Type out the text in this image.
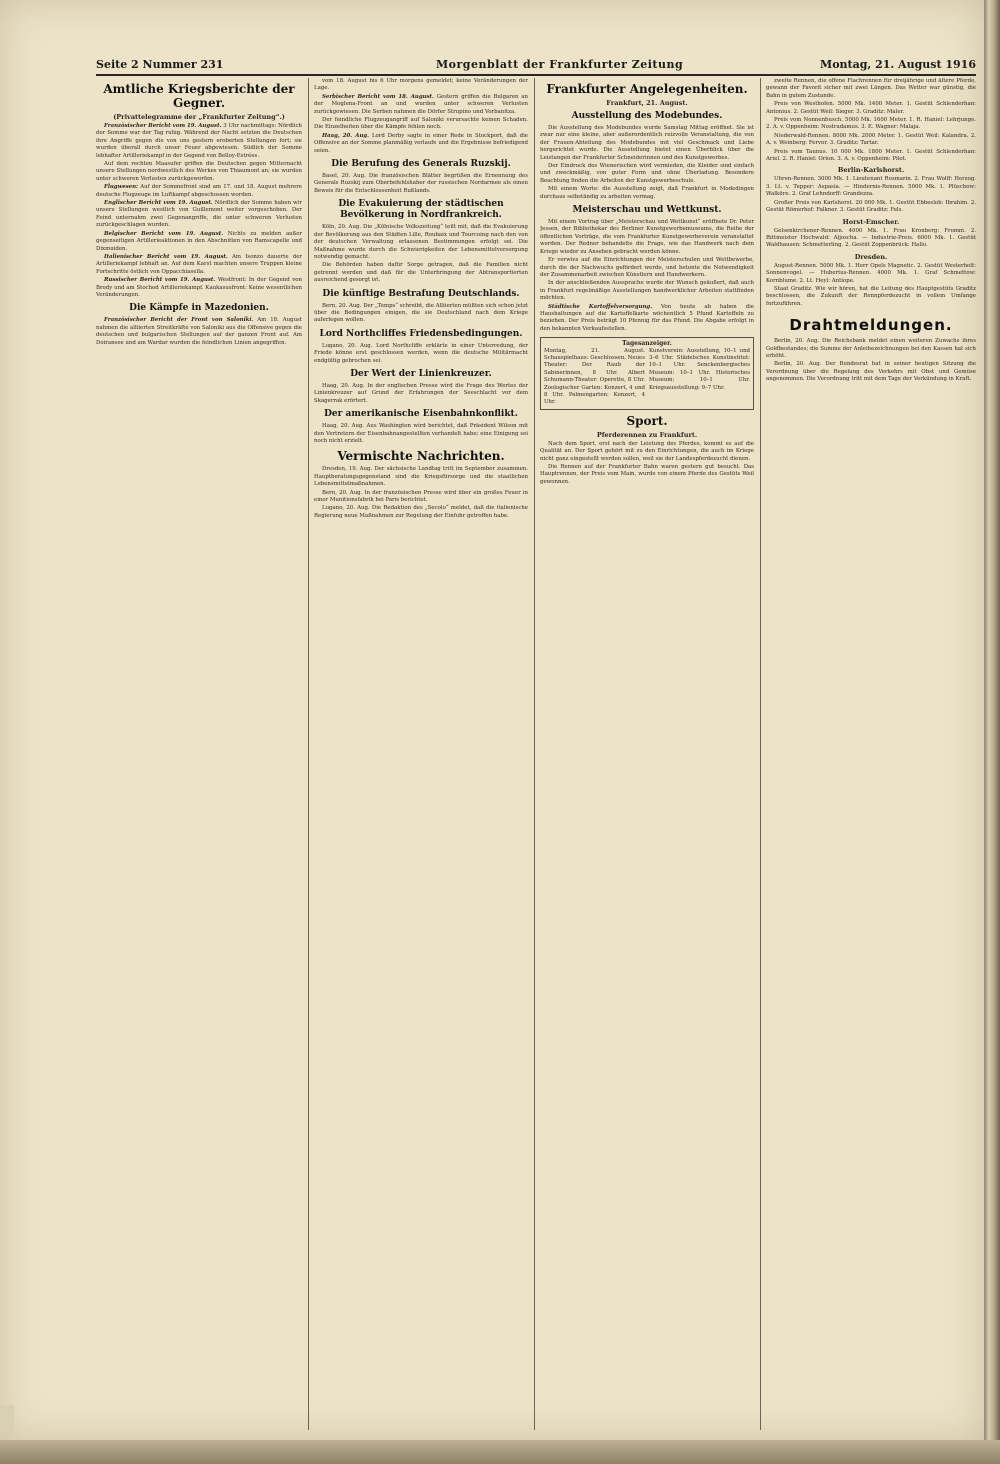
Seite 2 Nummer 231	Morgenblatt der Frankfurter Zeitung	Montag, 21. August 1916
Amtliche Kriegsberichte der Gegner.
(Privattelegramme der „Frankfurter Zeitung“.)

Französischer Bericht vom 19. August. 3 Uhr nachmittags: Nördlich der Somme war der Tag ruhig. Während der Nacht setzten die Deutschen ihre Angriffe gegen die von uns gestern eroberten Stellungen fort; sie wurden überall durch unser Feuer abgewiesen. Südlich der Somme lebhafter Artilleriekampf in der Gegend von Belloy-Estrées.

Auf dem rechten Maasufer griffen die Deutschen gegen Mitternacht unsere Stellungen nordwestlich des Werkes von Thiaumont an; sie wurden unter schweren Verlusten zurückgeworfen.

Flugwesen: Auf der Sommefront sind am 17. und 18. August mehrere deutsche Flugzeuge im Luftkampf abgeschossen worden.

Englischer Bericht vom 19. August. Nördlich der Somme haben wir unsere Stellungen westlich von Guillemont weiter vorgeschoben. Der Feind unternahm zwei Gegenangriffe, die unter schweren Verlusten zurückgeschlagen wurden.

Belgischer Bericht vom 19. August. Nichts zu melden außer gegenseitigen Artillerieaktionen in den Abschnitten von Ramscapelle und Dixmuiden.

Italienischer Bericht vom 19. August. Am Isonzo dauerte der Artilleriekampf lebhaft an. Auf dem Karst machten unsere Truppen kleine Fortschritte östlich von Oppacchiasella.

Russischer Bericht vom 19. August. Westfront: In der Gegend von Brody und am Stochod Artilleriekampf. Kaukasusfront: Keine wesentlichen Veränderungen.

Die Kämpfe in Mazedonien.

Französischer Bericht der Front von Saloniki. Am 18. August nahmen die alliierten Streitkräfte von Saloniki aus die Offensive gegen die deutschen und bulgarischen Stellungen auf der ganzen Front auf. Am Doiransee und am Wardar wurden die feindlichen Linien angegriffen.

vom 18. August bis 6 Uhr morgens gemeldet; keine Veränderungen der Lage.

Serbischer Bericht vom 18. August. Gestern griffen die Bulgaren an der Moglena-Front an und wurden unter schweren Verlusten zurückgewiesen. Die Serben nahmen die Dörfer Strupino und Vorbanitza.

Der feindliche Flugzeugangriff auf Saloniki verursachte keinen Schaden. Die Einzelheiten über die Kämpfe fehlen noch.

Haag, 20. Aug. Lord Derby sagte in einer Rede in Stockport, daß die Offensive an der Somme planmäßig verlaufe und die Ergebnisse befriedigend seien.

Die Berufung des Generals Ruzskij.

Basel, 20. Aug. Die französischen Blätter begrüßen die Ernennung des Generals Ruzskij zum Oberbefehlshaber der russischen Nordarmee als einen Beweis für die Entschlossenheit Rußlands.

Die Evakuierung der städtischen Bevölkerung in Nordfrankreich.

Köln, 20. Aug. Die „Kölnische Volkszeitung“ teilt mit, daß die Evakuierung der Bevölkerung aus den Städten Lille, Roubaix und Tourcoing nach den von der deutschen Verwaltung erlassenen Bestimmungen erfolgt sei. Die Maßnahme wurde durch die Schwierigkeiten der Lebensmittelversorgung notwendig gemacht.

Die Behörden haben dafür Sorge getragen, daß die Familien nicht getrennt werden und daß für die Unterbringung der Abtransportierten ausreichend gesorgt ist.

Die künftige Bestrafung Deutschlands.

Bern, 20. Aug. Der „Temps“ schreibt, die Alliierten müßten sich schon jetzt über die Bedingungen einigen, die sie Deutschland nach dem Kriege auferlegen wollen.

Lord Northcliffes Friedensbedingungen.

Lugano, 20. Aug. Lord Northcliffe erklärte in einer Unterredung, der Friede könne erst geschlossen werden, wenn die deutsche Militärmacht endgültig gebrochen sei.

Der Wert der Linienkreuzer.

Haag, 20. Aug. In der englischen Presse wird die Frage des Wertes der Linienkreuzer auf Grund der Erfahrungen der Seeschlacht vor dem Skagerrak erörtert.

Der amerikanische Eisenbahnkonflikt.

Haag, 20. Aug. Aus Washington wird berichtet, daß Präsident Wilson mit den Vertretern der Eisenbahnangestellten verhandelt habe; eine Einigung sei noch nicht erzielt.

Vermischte Nachrichten.

Dresden, 19. Aug. Der sächsische Landtag tritt im September zusammen. Hauptberatungsgegenstand sind die Kriegsfürsorge und die staatlichen Lebensmittelmaßnahmen.

Bern, 20. Aug. In der französischen Presse wird über ein großes Feuer in einer Munitionsfabrik bei Paris berichtet.

Lugano, 20. Aug. Die Redaktion des „Secolo“ meldet, daß die italienische Regierung neue Maßnahmen zur Regelung der Einfuhr getroffen habe.

Frankfurter Angelegenheiten.
Frankfurt, 21. August.
Ausstellung des Modebundes.

Die Ausstellung des Modebundes wurde Samstag Mittag eröffnet. Sie ist zwar nur eine kleine, aber außerordentlich reizvolle Veranstaltung, die von der Frauen-Abteilung des Modebundes mit viel Geschmack und Liebe hergerichtet wurde. Die Ausstellung bietet einen Überblick über die Leistungen der Frankfurter Schneiderinnen und des Kunstgewerbes.

Der Eindruck des Wienerischen wird vermieden, die Kleider sind einfach und zweckmäßig, von guter Form und ohne Überladung. Besondere Beachtung finden die Arbeiten der Kunstgewerbeschule.

Mit einem Worte: die Ausstellung zeigt, daß Frankfurt in Modedingen durchaus selbständig zu arbeiten vermag.

Meisterschau und Wettkunst.

Mit einem Vortrag über „Meisterschau und Wettkunst“ eröffnete Dr. Peter Jessen, der Bibliothekar des Berliner Kunstgewerbemuseums, die Reihe der öffentlichen Vorträge, die vom Frankfurter Kunstgewerbeverein veranstaltet werden. Der Redner behandelte die Frage, wie das Handwerk nach dem Kriege wieder zu Ansehen gebracht werden könne.

Er verwies auf die Einrichtungen der Meisterschulen und Wettbewerbe, durch die der Nachwuchs gefördert werde, und betonte die Notwendigkeit der Zusammenarbeit zwischen Künstlern und Handwerkern.

In der anschließenden Aussprache wurde der Wunsch geäußert, daß auch in Frankfurt regelmäßige Ausstellungen handwerklicher Arbeiten stattfinden möchten.

Städtische Kartoffelversorgung. Von heute ab haben die Haushaltungen auf die Kartoffelkarte wöchentlich 5 Pfund Kartoffeln zu beziehen. Der Preis beträgt 10 Pfennig für das Pfund. Die Abgabe erfolgt in den bekannten Verkaufsstellen.

Tagesanzeiger.
Montag, 21. August. Schauspielhaus: Geschlossen. Neues Theater: Der Raub der Sabinerinnen, 8 Uhr. Albert Schumann-Theater: Operette, 8 Uhr. Zoologischer Garten: Konzert, 4 und 8 Uhr. Palmengarten: Konzert, 4 Uhr.
Kunstverein: Ausstellung, 10–1 und 3–6 Uhr. Städelsches Kunstinstitut: 10–1 Uhr. Senckenbergisches Museum: 10–1 Uhr. Historisches Museum: 10–1 Uhr. Kriegsausstellung: 9–7 Uhr.
Sport.
Pferderennen zu Frankfurt.

Nach dem Sport, erst nach der Leistung des Pferdes, kommt es auf die Qualität an. Der Sport gehört mit zu den Einrichtungen, die auch im Kriege nicht ganz eingestellt werden sollen, weil sie der Landespferdezucht dienen.

Die Rennen auf der Frankfurter Bahn waren gestern gut besucht. Das Hauptrennen, der Preis vom Main, wurde von einem Pferde des Gestüts Weil gewonnen.

zweite Rennen, die offene Flachrennen für dreijährige und ältere Pferde, gewann der Favorit sicher mit zwei Längen. Das Wetter war günstig, die Bahn in gutem Zustande.

Preis von Westhofen. 5000 Mk. 1400 Meter. 1. Gestüt Schlenderhan: Antonius. 2. Gestüt Weil: Sieger. 3. Graditz: Maler.

Preis vom Nonnenbusch. 5000 Mk. 1600 Meter. 1. R. Haniel: Lehrjunge. 2. A. v. Oppenheim: Nostradamus. 3. E. Wagner: Malaja.

Niederwald-Rennen. 8000 Mk. 2000 Meter. 1. Gestüt Weil: Kalandra. 2. A. v. Weinberg: Fervor. 3. Graditz: Tartar.

Preis vom Taunus. 10 000 Mk. 1800 Meter. 1. Gestüt Schlenderhan: Ariel. 2. R. Haniel: Orion. 3. A. v. Oppenheim: Pilot.

Berlin-Karlshorst.

Uhren-Rennen. 3000 Mk. 1. Lieutenant Rosmarin. 2. Frau Wolff: Herzog. 3. Lt. v. Tepper: Aspasia. — Hindernis-Rennen. 5000 Mk. 1. Plüschow: Walküre. 2. Graf Lehndorff: Grandezza.

Großer Preis von Karlshorst. 20 000 Mk. 1. Gestüt Ebbeslob: Ibrahim. 2. Gestüt Römerhof: Falkner. 3. Gestüt Graditz: Fels.

Horst-Emscher.

Gelsenkirchener-Rennen. 4000 Mk. 1. Frau Kronberg: Fromm. 2. Rittmeister Hochwald: Aljoscha. — Industrie-Preis. 6000 Mk. 1. Gestüt Waldhausen: Schmetterling. 2. Gestüt Zoppenbrück: Hallo.

Dresden.

August-Rennen. 5000 Mk. 1. Herr Opels Magnetic. 2. Gestüt Westerholt: Sonnenvogel. — Hubertus-Rennen. 4000 Mk. 1. Graf Schmettow: Kornblume. 2. Lt. Heyl: Antiope.

Staat Graditz. Wie wir hören, hat die Leitung des Hauptgestüts Graditz beschlossen, die Zukunft der Rennpferdezucht in vollem Umfange fortzuführen.

Drahtmeldungen.

Berlin, 20. Aug. Die Reichsbank meldet einen weiteren Zuwachs ihres Goldbestandes; die Summe der Anleihezeichnungen bei den Kassen hat sich erhöht.

Berlin, 20. Aug. Der Bundesrat hat in seiner heutigen Sitzung die Verordnung über die Regelung des Verkehrs mit Obst und Gemüse angenommen. Die Verordnung tritt mit dem Tage der Verkündung in Kraft.
